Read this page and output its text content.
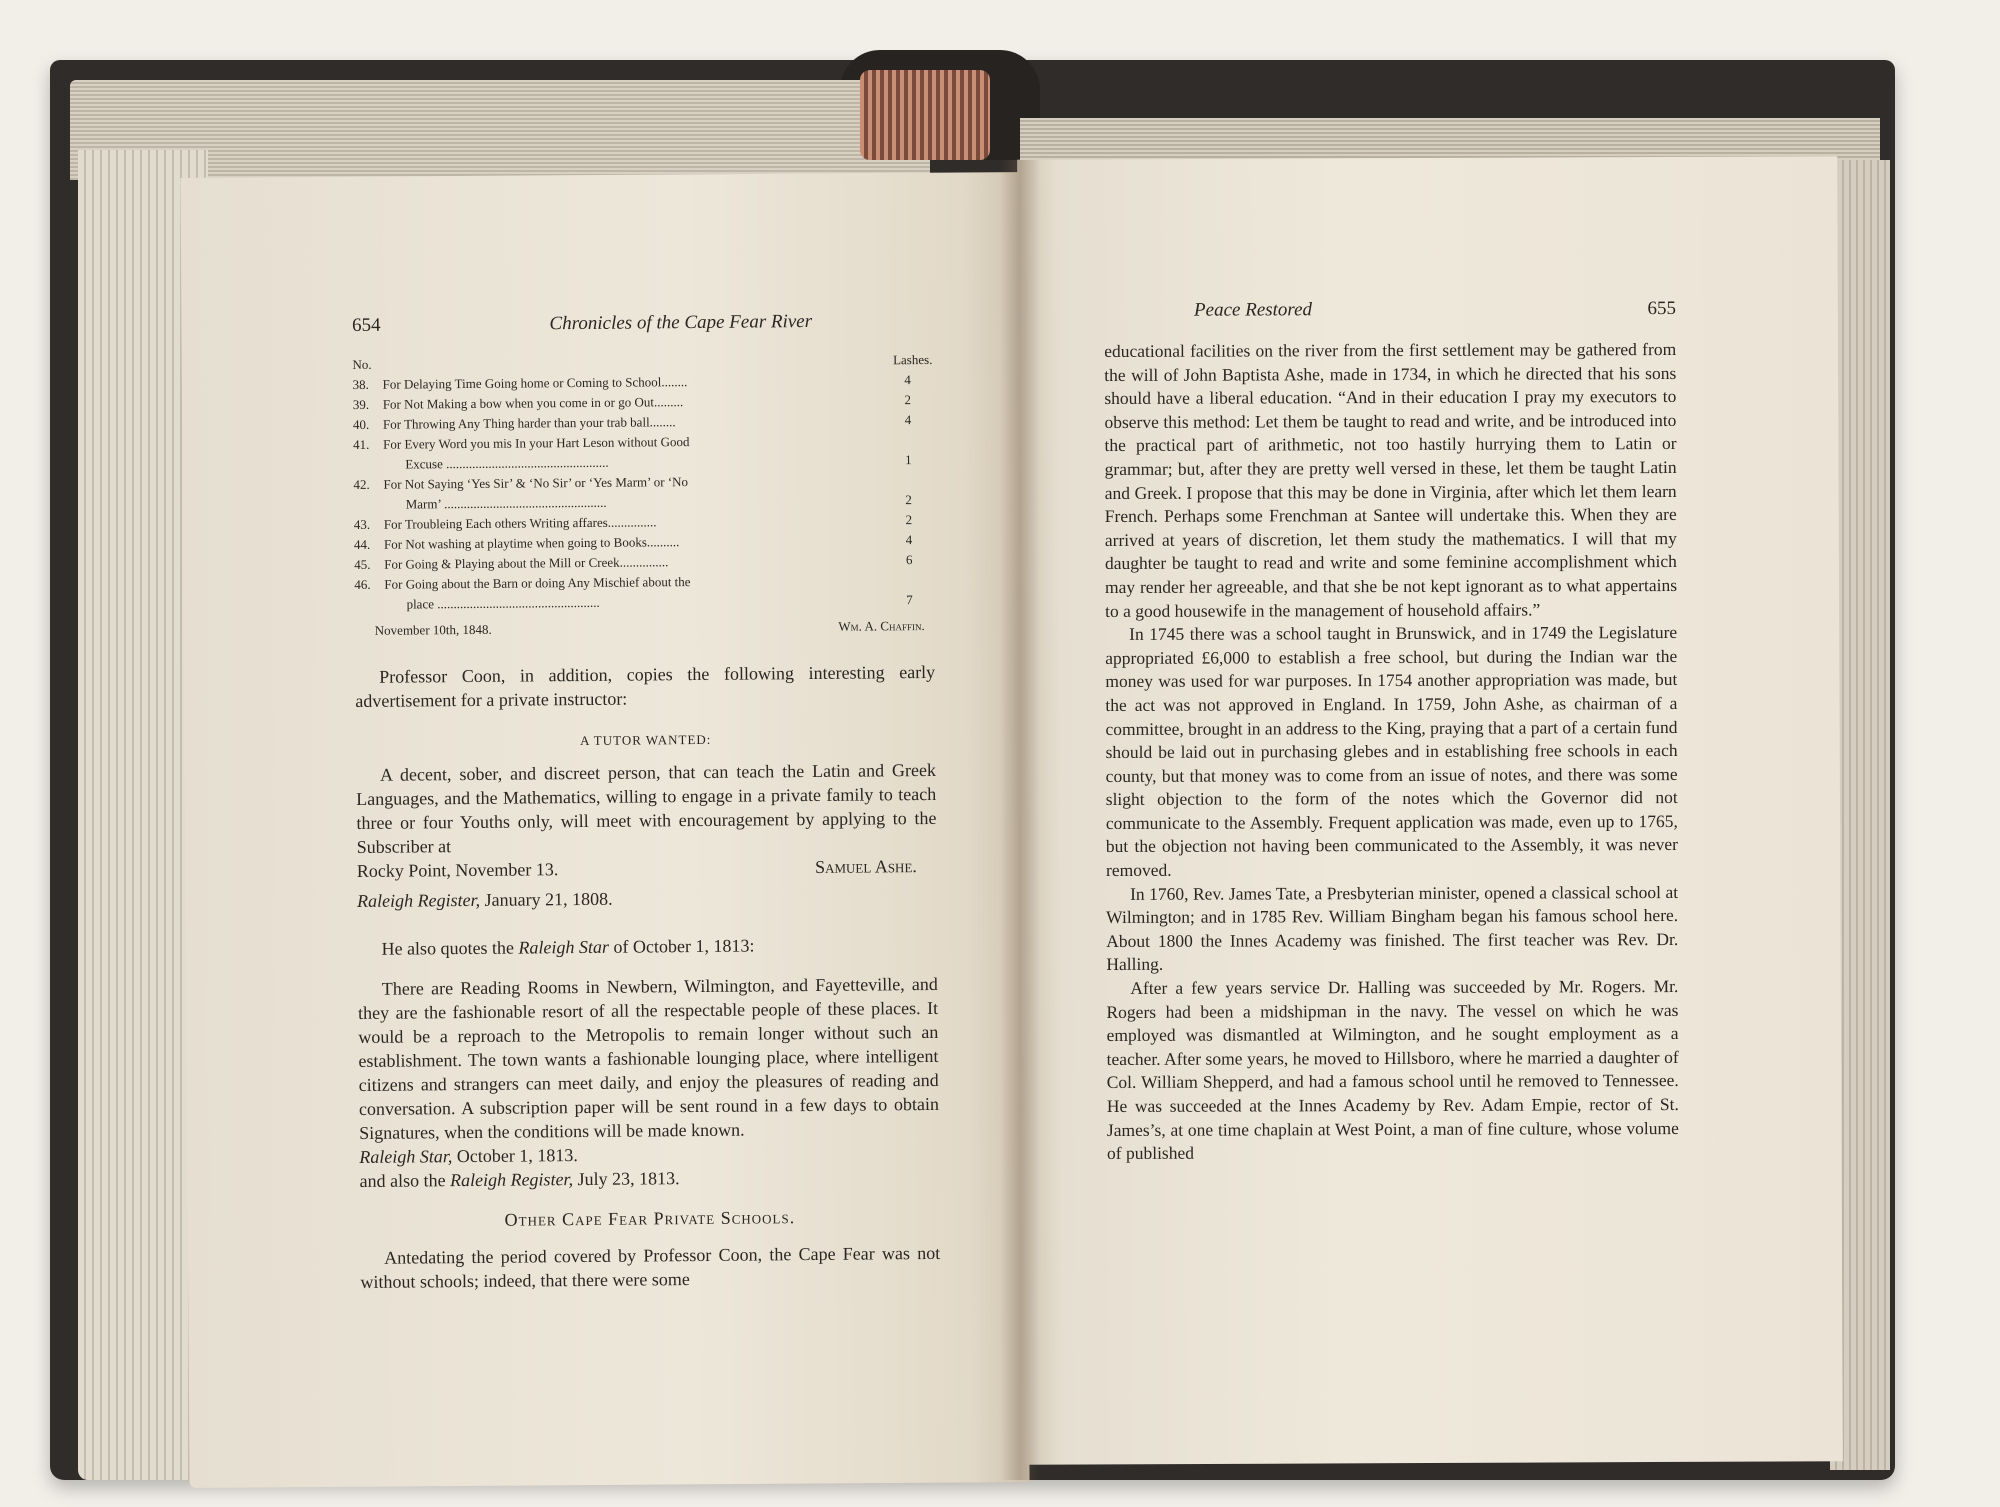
654	Chronicles of the Cape Fear River
No.	Lashes.
38.	For Delaying Time Going home or Coming to School........	4
39.	For Not Making a bow when you come in or go Out.........	2
40.	For Throwing Any Thing harder than your trab ball........	4
41.	For Every Word you mis In your Hart Leson without Good
Excuse ..................................................	1
42.	For Not Saying ‘Yes Sir’ & ‘No Sir’ or ‘Yes Marm’ or ‘No
Marm’ ..................................................	2
43.	For Troubleing Each others Writing affares...............	2
44.	For Not washing at playtime when going to Books..........	4
45.	For Going & Playing about the Mill or Creek...............	6
46.	For Going about the Barn or doing Any Mischief about the
place ..................................................	7
November 10th, 1848.	Wm. A. Chaffin.

Professor Coon, in addition, copies the following interesting early advertisement for a private instructor:

A TUTOR WANTED:

A decent, sober, and discreet person, that can teach the Latin and Greek Languages, and the Mathematics, willing to engage in a private family to teach three or four Youths only, will meet with encouragement by applying to the Subscriber at

Rocky Point, November 13.	Samuel Ashe.

Raleigh Register, January 21, 1808.

He also quotes the Raleigh Star of October 1, 1813:

There are Reading Rooms in Newbern, Wilmington, and Fayetteville, and they are the fashionable resort of all the respectable people of these places. It would be a reproach to the Metropolis to remain longer without such an establishment. The town wants a fashionable lounging place, where intelligent citizens and strangers can meet daily, and enjoy the pleasures of reading and conversation. A subscription paper will be sent round in a few days to obtain Signatures, when the conditions will be made known.

Raleigh Star, October 1, 1813.

and also the Raleigh Register, July 23, 1813.

Other Cape Fear Private Schools.

Antedating the period covered by Professor Coon, the Cape Fear was not without schools; indeed, that there were some

Peace Restored	655

educational facilities on the river from the first settlement may be gathered from the will of John Baptista Ashe, made in 1734, in which he directed that his sons should have a liberal education. “And in their education I pray my executors to observe this method: Let them be taught to read and write, and be introduced into the practical part of arithmetic, not too hastily hurrying them to Latin or grammar; but, after they are pretty well versed in these, let them be taught Latin and Greek. I propose that this may be done in Virginia, after which let them learn French. Perhaps some Frenchman at Santee will undertake this. When they are arrived at years of discretion, let them study the mathematics. I will that my daughter be taught to read and write and some feminine accomplishment which may render her agreeable, and that she be not kept ignorant as to what appertains to a good housewife in the management of household affairs.”

In 1745 there was a school taught in Brunswick, and in 1749 the Legislature appropriated £6,000 to establish a free school, but during the Indian war the money was used for war purposes. In 1754 another appropriation was made, but the act was not approved in England. In 1759, John Ashe, as chairman of a committee, brought in an address to the King, praying that a part of a certain fund should be laid out in purchasing glebes and in establishing free schools in each county, but that money was to come from an issue of notes, and there was some slight objection to the form of the notes which the Governor did not communicate to the Assembly. Frequent application was made, even up to 1765, but the objection not having been communicated to the Assembly, it was never removed.

In 1760, Rev. James Tate, a Presbyterian minister, opened a classical school at Wilmington; and in 1785 Rev. William Bingham began his famous school here. About 1800 the Innes Academy was finished. The first teacher was Rev. Dr. Halling.

After a few years service Dr. Halling was succeeded by Mr. Rogers. Mr. Rogers had been a midshipman in the navy. The vessel on which he was employed was dismantled at Wilmington, and he sought employment as a teacher. After some years, he moved to Hillsboro, where he married a daughter of Col. William Shepperd, and had a famous school until he removed to Tennessee. He was succeeded at the Innes Academy by Rev. Adam Empie, rector of St. James’s, at one time chaplain at West Point, a man of fine culture, whose volume of published
